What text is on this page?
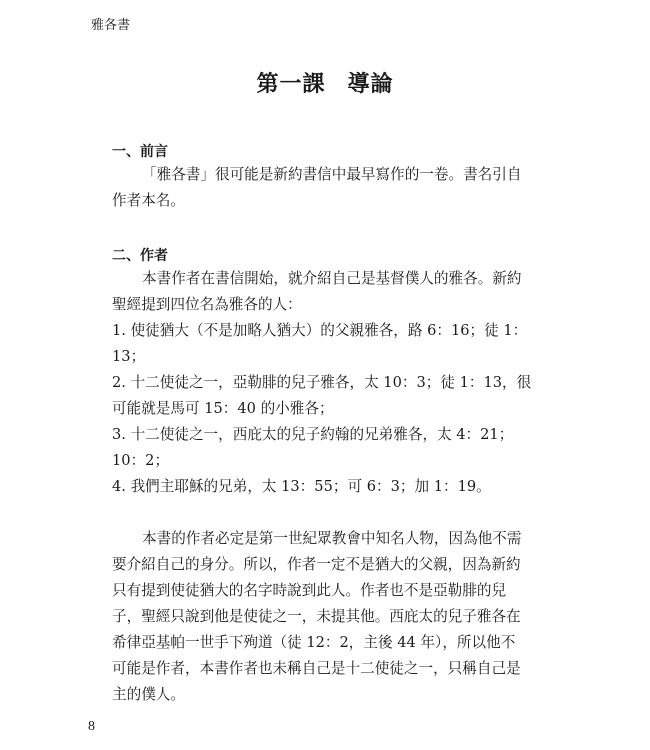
雅各書
第一課 導論
一、前言
「雅各書」很可能是新約書信中最早寫作的一卷。書名引自
作者本名。
二、作者
本書作者在書信開始，就介紹自己是基督僕人的雅各。新約
聖經提到四位名為雅各的人：
1. 使徒猶大（不是加略人猶大）的父親雅各，路 6：16；徒 1：
13；
2. 十二使徒之一，亞勒腓的兒子雅各，太 10：3；徒 1：13，很
可能就是馬可 15：40 的小雅各；
3. 十二使徒之一，西庇太的兒子約翰的兄弟雅各，太 4：21；
10：2；
4. 我們主耶穌的兄弟，太 13：55；可 6：3；加 1：19。
本書的作者必定是第一世紀眾教會中知名人物，因為他不需
要介紹自己的身分。所以，作者一定不是猶大的父親，因為新約
只有提到使徒猶大的名字時說到此人。作者也不是亞勒腓的兒
子，聖經只說到他是使徒之一，未提其他。西庇太的兒子雅各在
希律亞基帕一世手下殉道（徒 12：2，主後 44 年），所以他不
可能是作者，本書作者也未稱自己是十二使徒之一，只稱自己是
主的僕人。
8
